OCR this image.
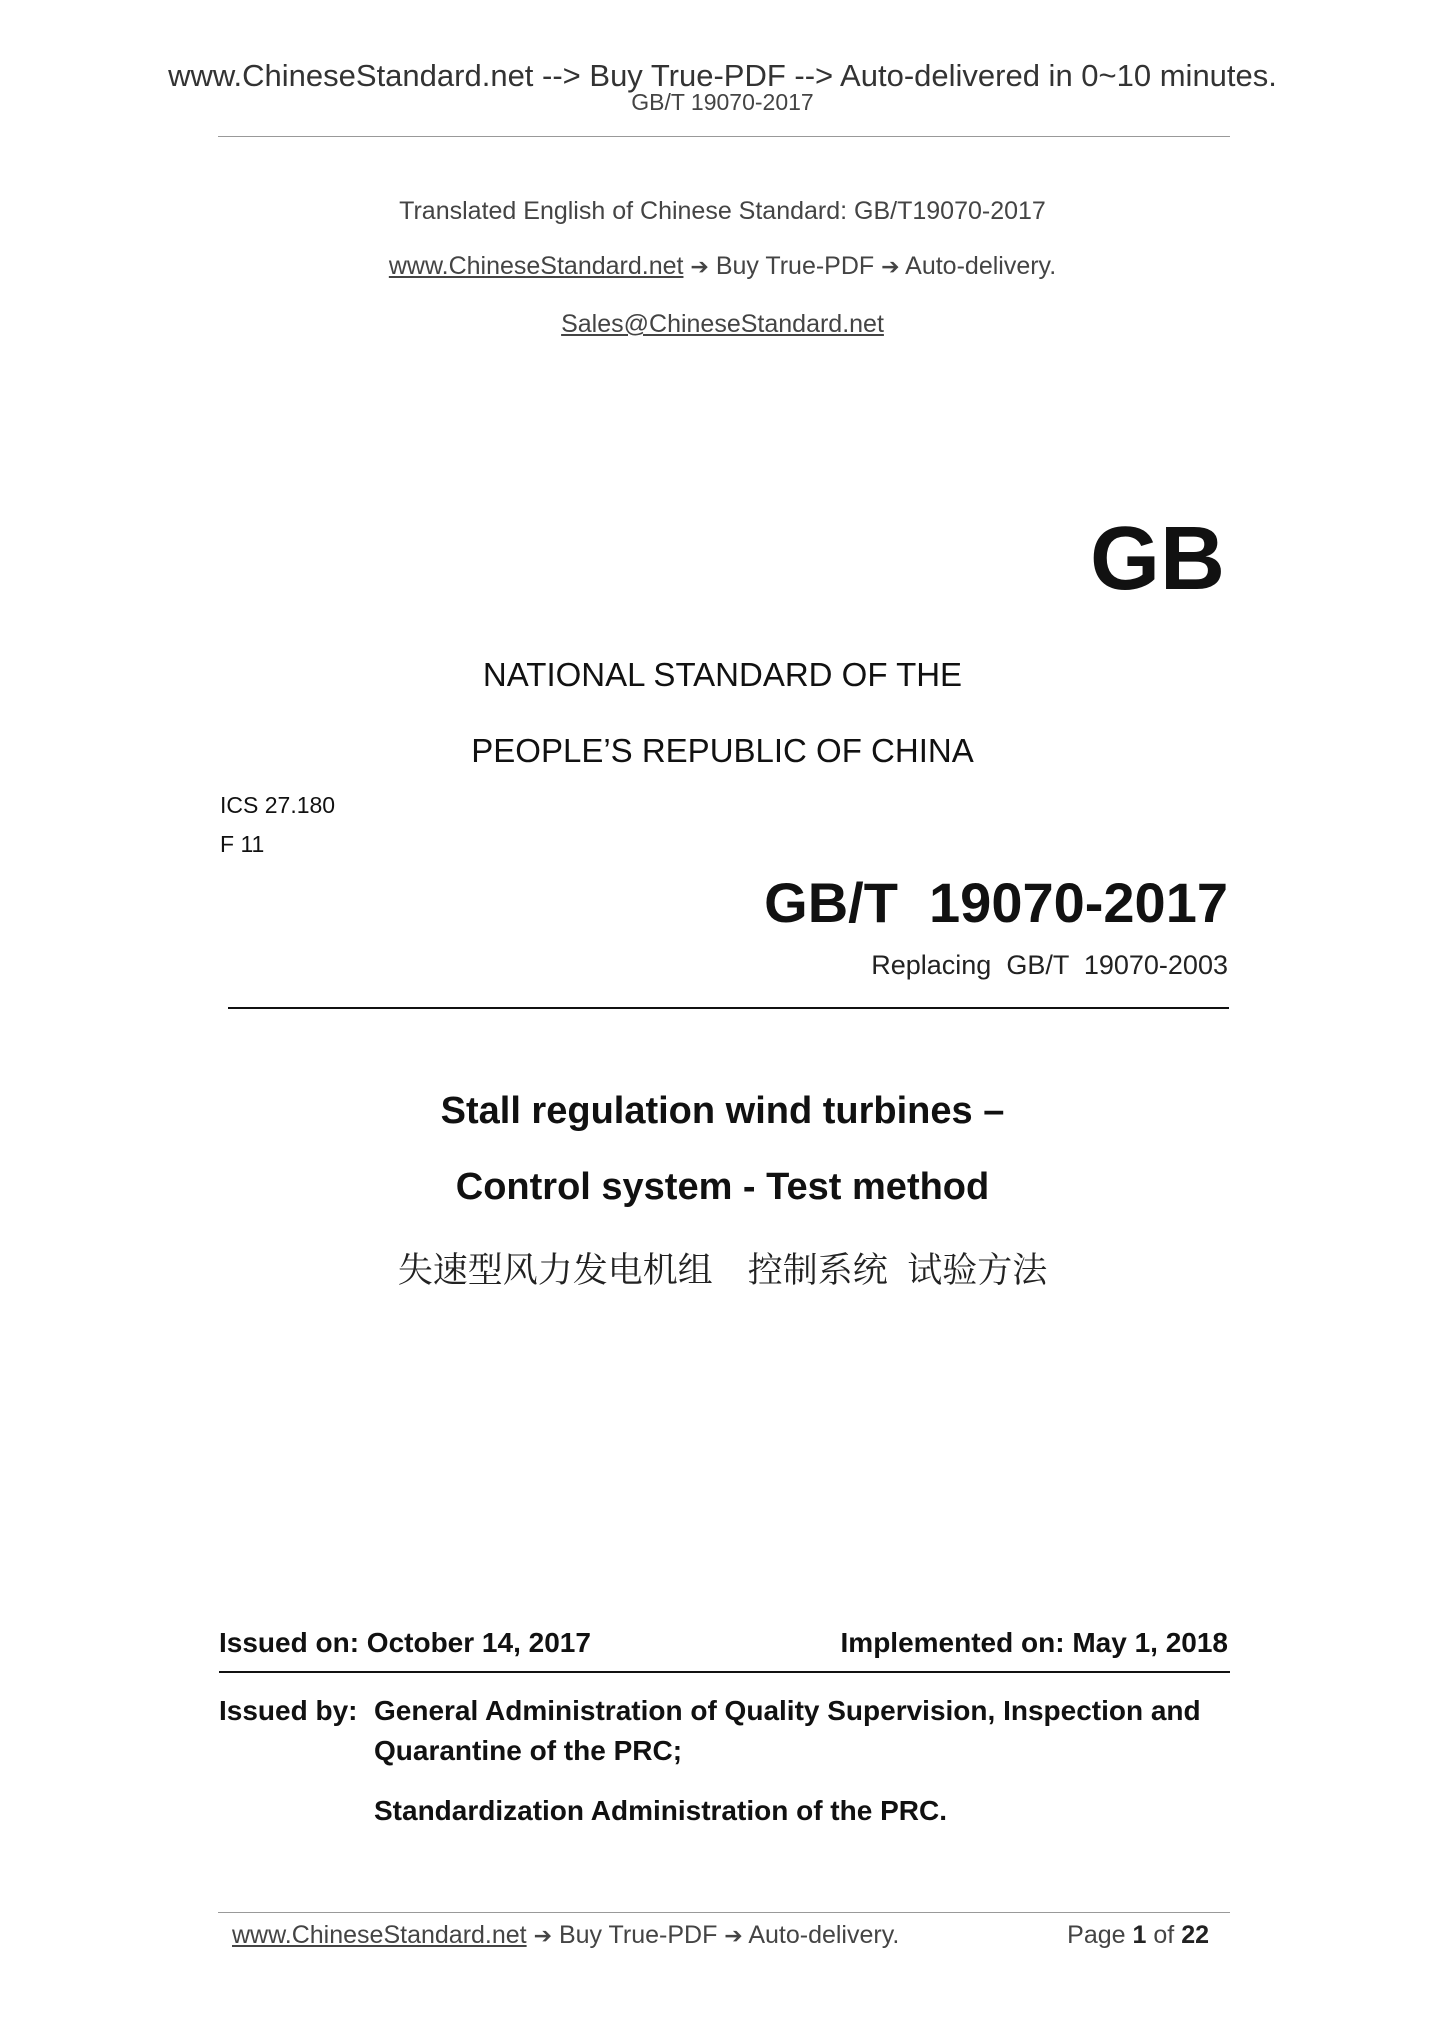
www.ChineseStandard.net --> Buy True-PDF --> Auto-delivered in 0~10 minutes.
GB/T 19070-2017
Translated English of Chinese Standard: GB/T19070-2017
www.ChineseStandard.net ➔ Buy True-PDF ➔ Auto-delivery.
Sales@ChineseStandard.net
GB
NATIONAL STANDARD OF THE
PEOPLE’S REPUBLIC OF CHINA
ICS 27.180
F 11
GB/T  19070-2017
Replacing  GB/T  19070-2003
Stall regulation wind turbines –
Control system - Test method
失速型风力发电机组　控制系统  试验方法
Issued on: October 14, 2017	Implemented on: May 1, 2018
Issued by: General Administration of Quality Supervision, Inspection and
Quarantine of the PRC;
Standardization Administration of the PRC.
www.ChineseStandard.net ➔ Buy True-PDF ➔ Auto-delivery.	Page 1 of 22
